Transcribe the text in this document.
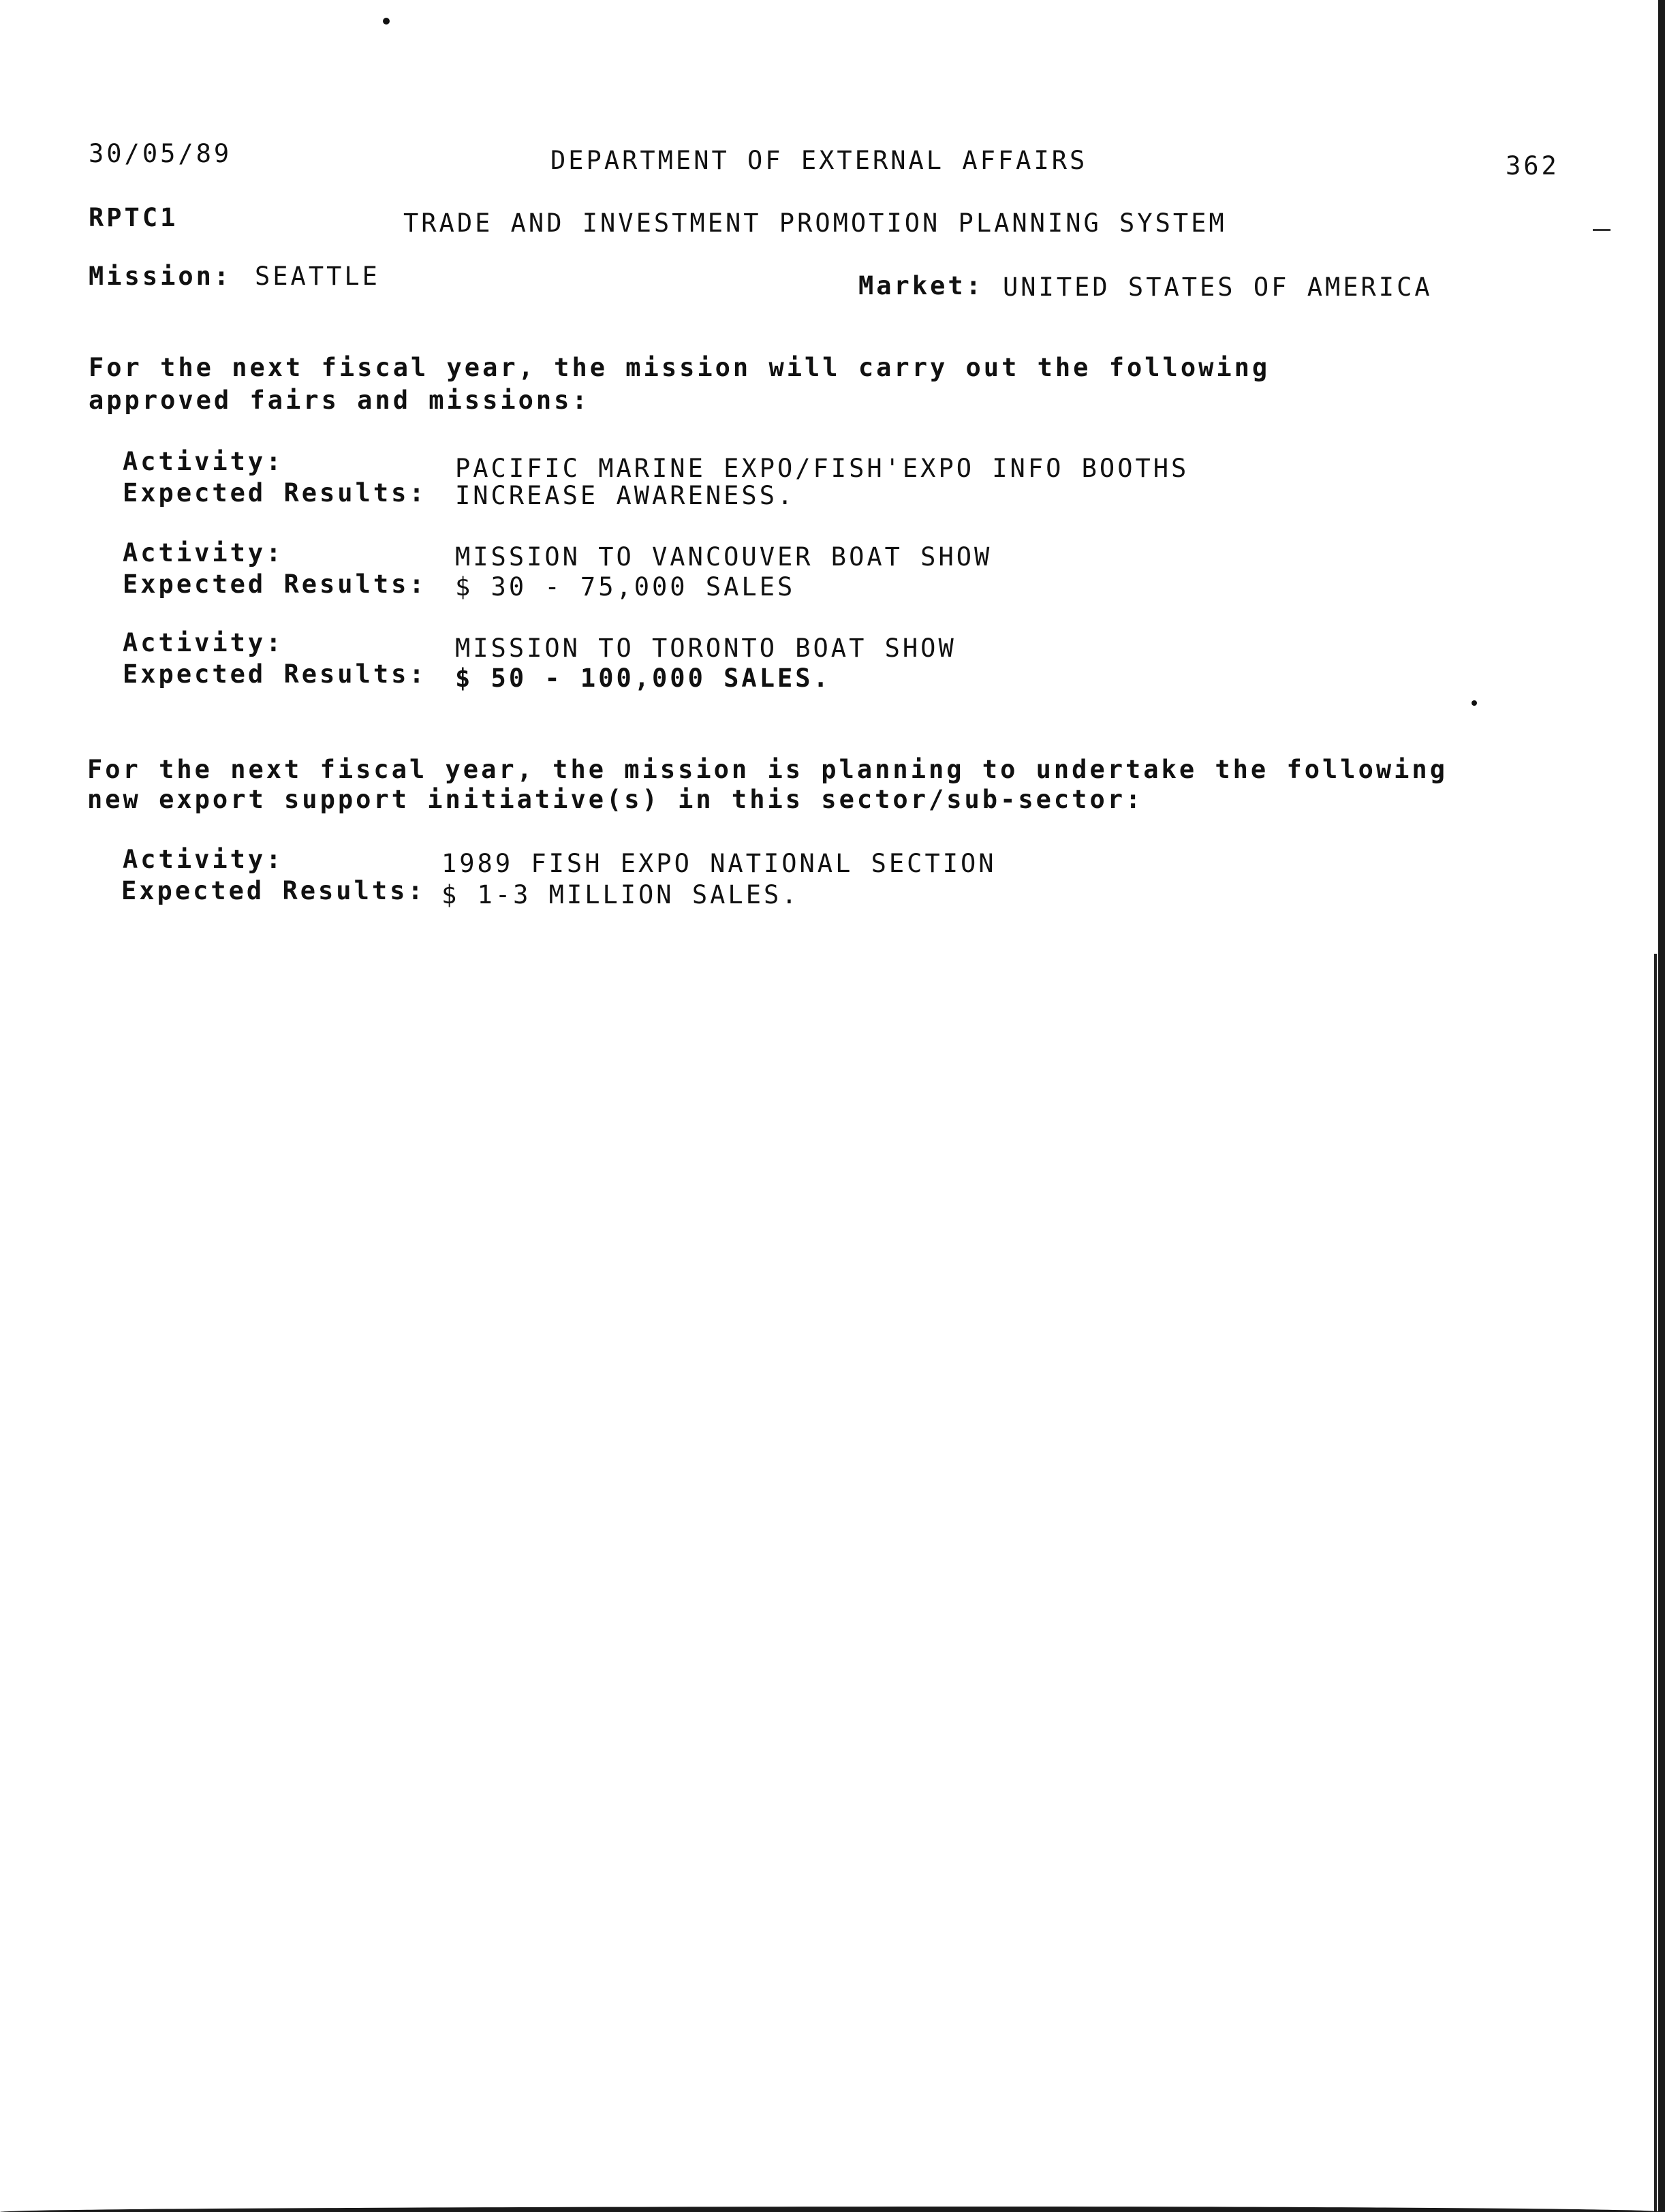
30/05/89	DEPARTMENT OF EXTERNAL AFFAIRS	362
RPTC1	TRADE AND INVESTMENT PROMOTION PLANNING SYSTEM
Mission: SEATTLE	Market: UNITED STATES OF AMERICA
For the next fiscal year, the mission will carry out the following
approved fairs and missions:
Activity:	PACIFIC MARINE EXPO/FISH'EXPO INFO BOOTHS
Expected Results: INCREASE AWARENESS.
Activity:	MISSION TO VANCOUVER BOAT SHOW
Expected Results: $ 30 - 75,000 SALES
Activity:	MISSION TO TORONTO BOAT SHOW
Expected Results: $ 50 - 100,000 SALES.
For the next fiscal year, the mission is planning to undertake the following
new export support initiative(s) in this sector/sub-sector:
Activity:	1989 FISH EXPO NATIONAL SECTION
Expected Results: $ 1-3 MILLION SALES.
